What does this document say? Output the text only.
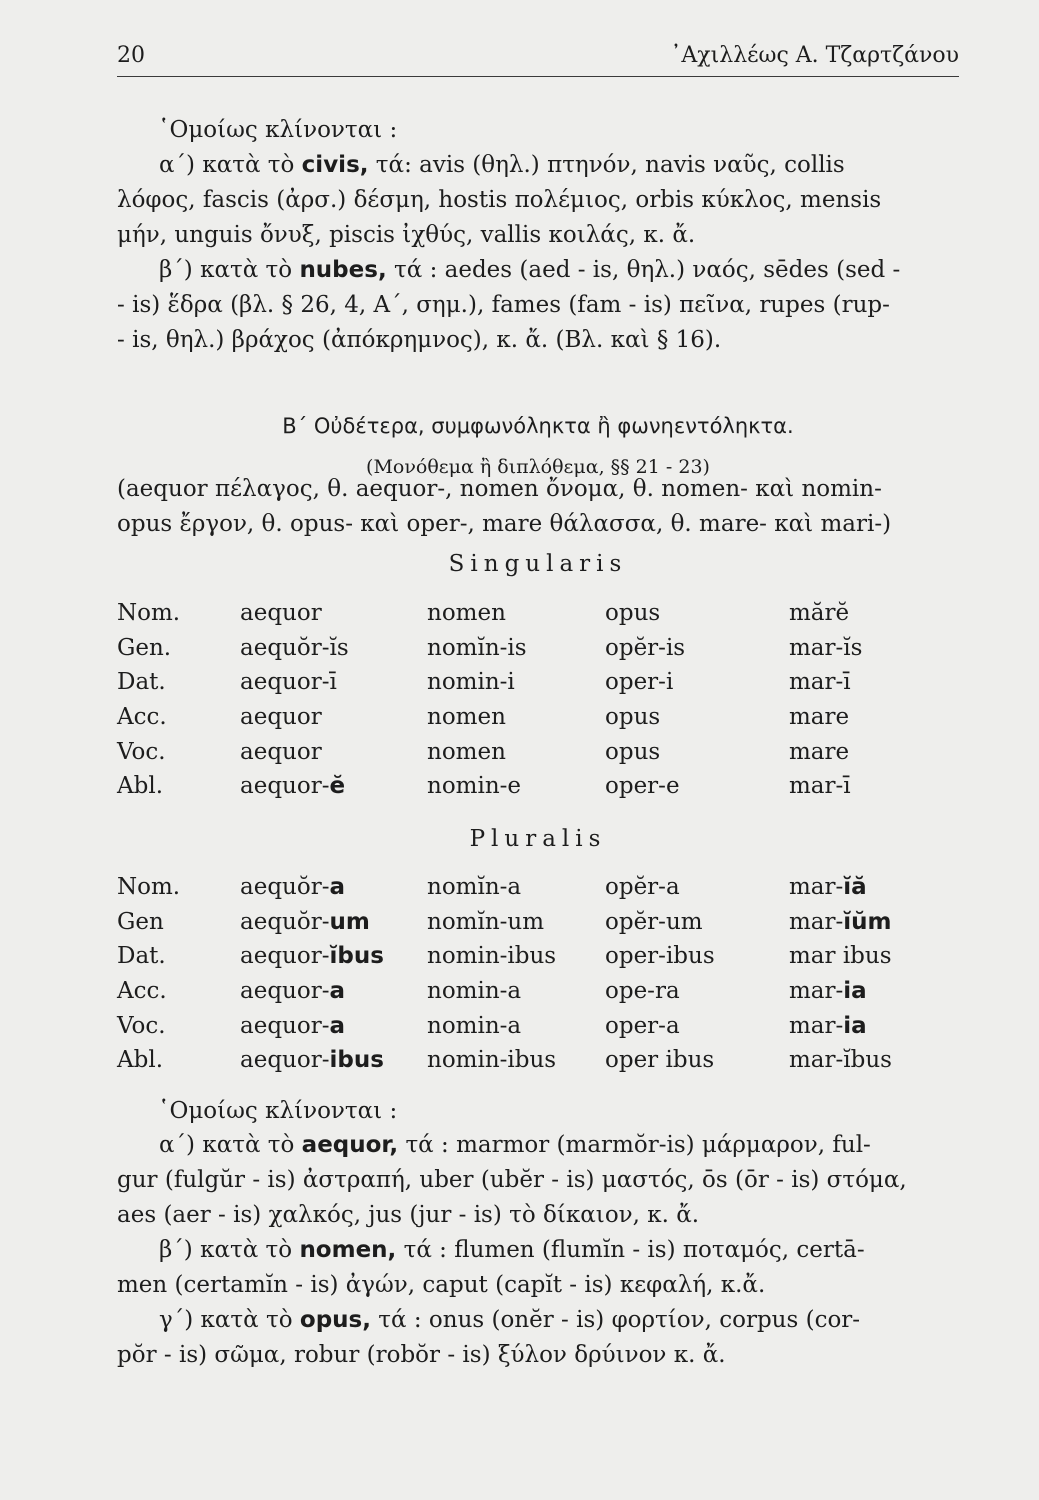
20	᾿Αχιλλέως Α. Τζαρτζάνου
῾Ομοίως κλίνονται :
α΄) κατὰ τὸ civis, τά: avis (θηλ.) πτηνόν, navis ναῦς, collis
λόφος, fascis (ἀρσ.) δέσμη, hostis πολέμιος, orbis κύκλος, mensis
μήν, unguis ὄνυξ, piscis ἰχθύς, vallis κοιλάς, κ. ἄ.
β΄) κατὰ τὸ nubes, τά : aedes (aed - is, θηλ.) ναός, sēdes (sed -
- is) ἕδρα (βλ. § 26, 4, Α΄, σημ.), fames (fam - is) πεῖνα, rupes (rup-
- is, θηλ.) βράχος (ἀπόκρημνος), κ. ἄ. (Βλ. καὶ § 16).
Β΄ Οὐδέτερα, συμφωνόληκτα ἢ φωνηεντόληκτα.
(Μονόθεμα ἢ διπλόθεμα, §§ 21 - 23)
(aequor πέλαγος, θ. aequor-, nomen ὄνομα, θ. nomen- καὶ nomin-
opus ἔργον, θ. opus- καὶ oper-, mare θάλασσα, θ. mare- καὶ mari-)
Singularis
Nom.	aequor	nomen	opus	mărĕ
Gen.	aequŏr-ĭs	nomĭn-is	opĕr-is	mar-ĭs
Dat.	aequor-ī	nomin-i	oper-i	mar-ī
Acc.	aequor	nomen	opus	mare
Voc.	aequor	nomen	opus	mare
Abl.	aequor-ĕ	nomin-e	oper-e	mar-ī
Pluralis
Nom.	aequŏr-a	nomĭn-a	opĕr-a	mar-ĭă
Gen	aequŏr-um	nomĭn-um	opĕr-um	mar-ĭŭm
Dat.	aequor-ĭbus	nomin-ibus	oper-ibus	mar ibus
Acc.	aequor-a	nomin-a	ope-ra	mar-ia
Voc.	aequor-a	nomin-a	oper-a	mar-ia
Abl.	aequor-ibus	nomin-ibus	oper ibus	mar-ĭbus
῾Ομοίως κλίνονται :
α΄) κατὰ τὸ aequor, τά : marmor (marmŏr-is) μάρμαρον, ful-
gur (fulgŭr - is) ἀστραπή, uber (ubĕr - is) μαστός, ōs (ōr - is) στόμα,
aes (aer - is) χαλκός, jus (jur - is) τὸ δίκαιον, κ. ἄ.
β΄) κατὰ τὸ nomen, τά : flumen (flumĭn - is) ποταμός, certā-
men (certamĭn - is) ἀγών, caput (capĭt - is) κεφαλή, κ.ἄ.
γ΄) κατὰ τὸ opus, τά : onus (onĕr - is) φορτίον, corpus (cor-
pŏr - is) σῶμα, robur (robŏr - is) ξύλον δρύινον κ. ἄ.
